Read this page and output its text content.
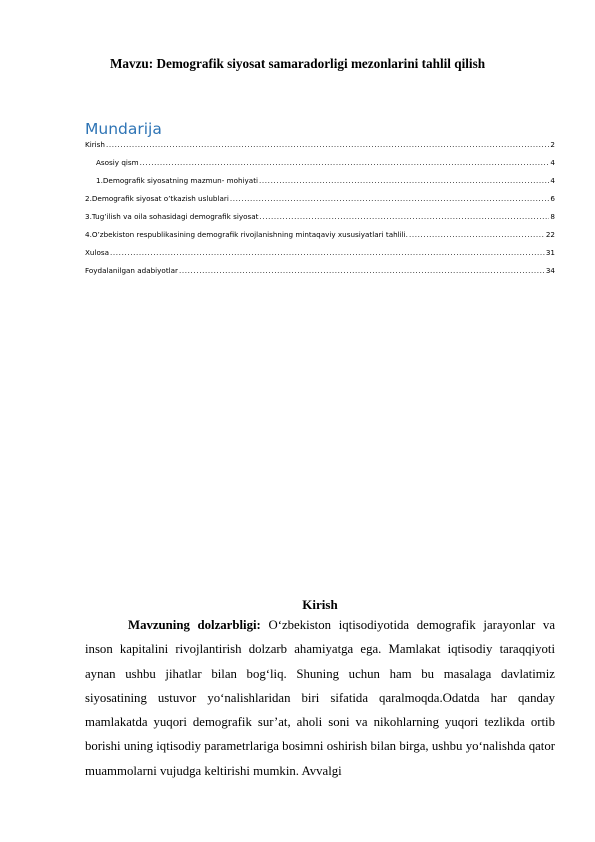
Mavzu: Demografik siyosat samaradorligi mezonlarini tahlil qilish
Mundarija
Kirish .....	2
Asosiy qism .....	4
1.Demografik siyosatning mazmun- mohiyati .....	4
2.Demografik siyosat o’tkazish uslublari .....	6
3.Tug’ilish va oila sohasidagi demografik siyosat .....	8
4.O’zbekiston respublikasining demografik rivojlanishning mintaqaviy xususiyatlari tahlili. .....	22
Xulosa .....	31
Foydalanilgan adabiyotlar .....	34
Kirish
Mavzuning dolzarbligi: O‘zbekiston iqtisodiyotida demografik jarayonlar va inson kapitalini rivojlantirish dolzarb ahamiyatga ega. Mamlakat iqtisodiy taraqqiyoti aynan ushbu jihatlar bilan bog‘liq. Shuning uchun ham bu masalaga davlatimiz siyosatining ustuvor yo‘nalishlaridan biri sifatida qaralmoqda.Odatda har qanday mamlakatda yuqori demografik sur’at, aholi soni va nikohlarning yuqori tezlikda ortib borishi uning iqtisodiy parametrlariga bosimni oshirish bilan birga, ushbu yo‘nalishda qator muammolarni vujudga keltirishi mumkin. Avvalgi
